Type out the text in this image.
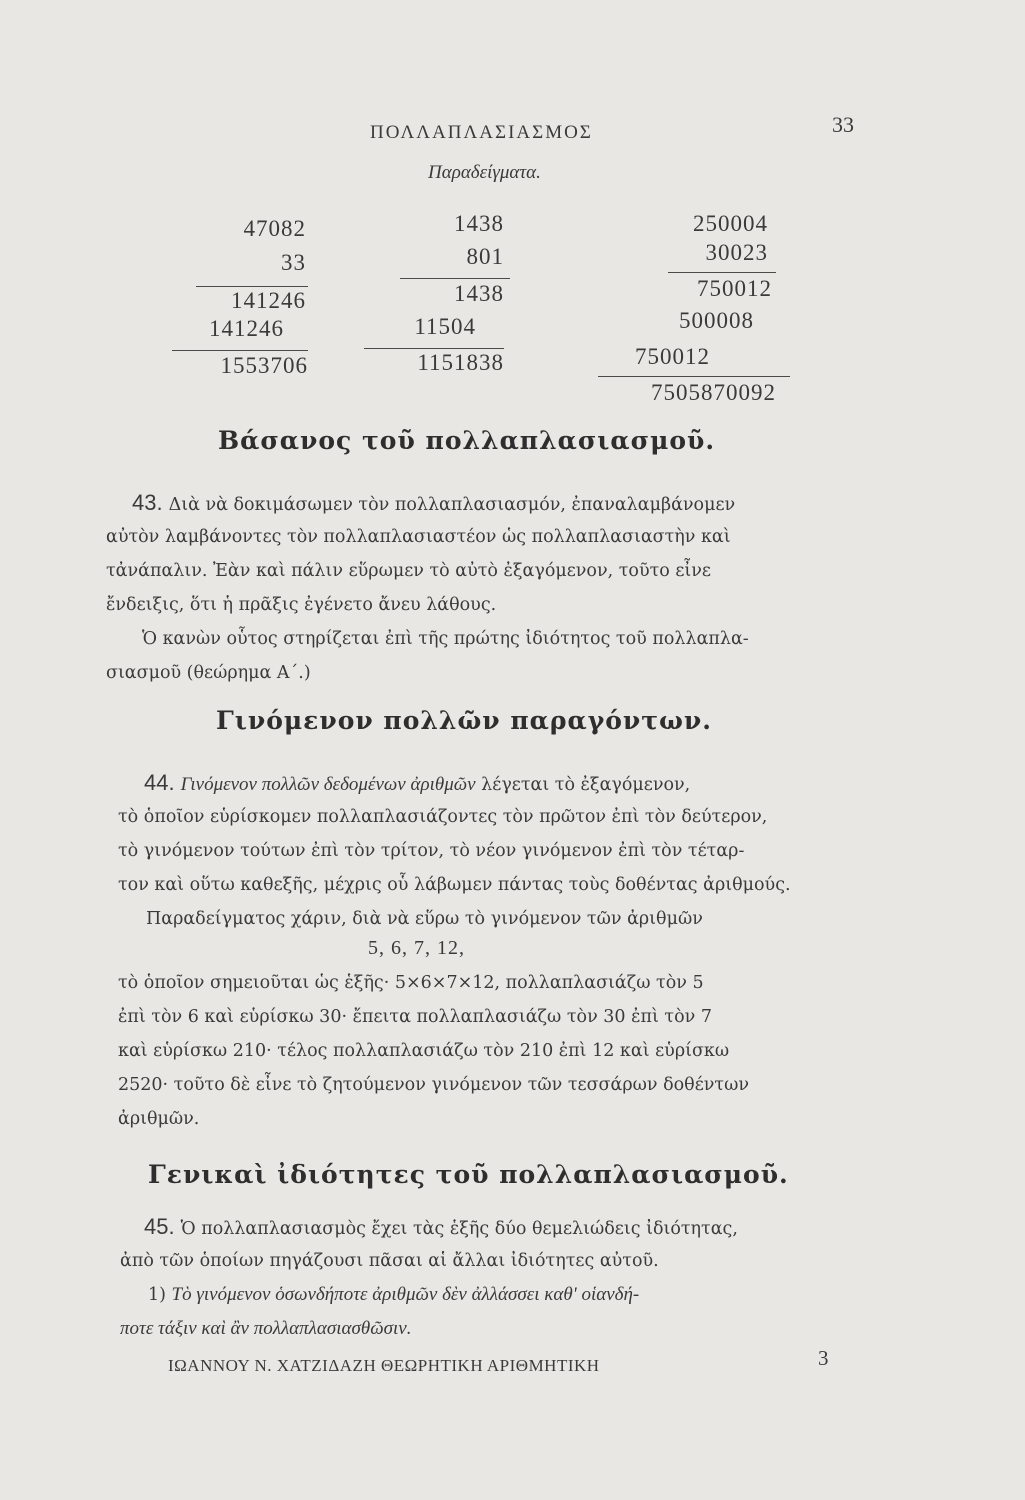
ΠΟΛΛΑΠΛΑΣΙΑΣΜΟΣ	33
Παραδείγματα.
47082
33
141246
141246
1553706
1438
801
1438
11504
1151838
250004
30023
750012
500008
750012
7505870092
Βάσανος τοῦ πολλαπλασιασμοῦ.
43. Διὰ νὰ δοκιμάσωμεν τὸν πολλαπλασιασμόν, ἐπαναλαμβάνομεν
αὐτὸν λαμβάνοντες τὸν πολλαπλασιαστέον ὡς πολλαπλασιαστὴν καὶ
τἀνάπαλιν. Ἐὰν καὶ πάλιν εὕρωμεν τὸ αὐτὸ ἐξαγόμενον, τοῦτο εἶνε
ἔνδειξις, ὅτι ἡ πρᾶξις ἐγένετο ἄνευ λάθους.
Ὁ κανὼν οὗτος στηρίζεται ἐπὶ τῆς πρώτης ἰδιότητος τοῦ πολλαπλα-
σιασμοῦ (θεώρημα Α΄.)
Γινόμενον πολλῶν παραγόντων.
44. Γινόμενον πολλῶν δεδομένων ἀριθμῶν λέγεται τὸ ἐξαγόμενον,
τὸ ὁποῖον εὑρίσκομεν πολλαπλασιάζοντες τὸν πρῶτον ἐπὶ τὸν δεύτερον,
τὸ γινόμενον τούτων ἐπὶ τὸν τρίτον, τὸ νέον γινόμενον ἐπὶ τὸν τέταρ-
τον καὶ οὕτω καθεξῆς, μέχρις οὗ λάβωμεν πάντας τοὺς δοθέντας ἀριθμούς.
Παραδείγματος χάριν, διὰ νὰ εὕρω τὸ γινόμενον τῶν ἀριθμῶν
5, 6, 7, 12,
τὸ ὁποῖον σημειοῦται ὡς ἑξῆς· 5×6×7×12, πολλαπλασιάζω τὸν 5
ἐπὶ τὸν 6 καὶ εὑρίσκω 30· ἔπειτα πολλαπλασιάζω τὸν 30 ἐπὶ τὸν 7
καὶ εὑρίσκω 210· τέλος πολλαπλασιάζω τὸν 210 ἐπὶ 12 καὶ εὑρίσκω
2520· τοῦτο δὲ εἶνε τὸ ζητούμενον γινόμενον τῶν τεσσάρων δοθέντων
ἀριθμῶν.
Γενικαὶ ἰδιότητες τοῦ πολλαπλασιασμοῦ.
45. Ὁ πολλαπλασιασμὸς ἔχει τὰς ἑξῆς δύο θεμελιώδεις ἰδιότητας,
ἀπὸ τῶν ὁποίων πηγάζουσι πᾶσαι αἱ ἄλλαι ἰδιότητες αὐτοῦ.
1) Τὸ γινόμενον ὁσωνδήποτε ἀριθμῶν δὲν ἀλλάσσει καθ' οἱανδή-
ποτε τάξιν καὶ ἂν πολλαπλασιασθῶσιν.
ΙΩΑΝΝΟΥ Ν. ΧΑΤΖΙΔΑΖΗ ΘΕΩΡΗΤΙΚΗ ΑΡΙΘΜΗΤΙΚΗ	3
